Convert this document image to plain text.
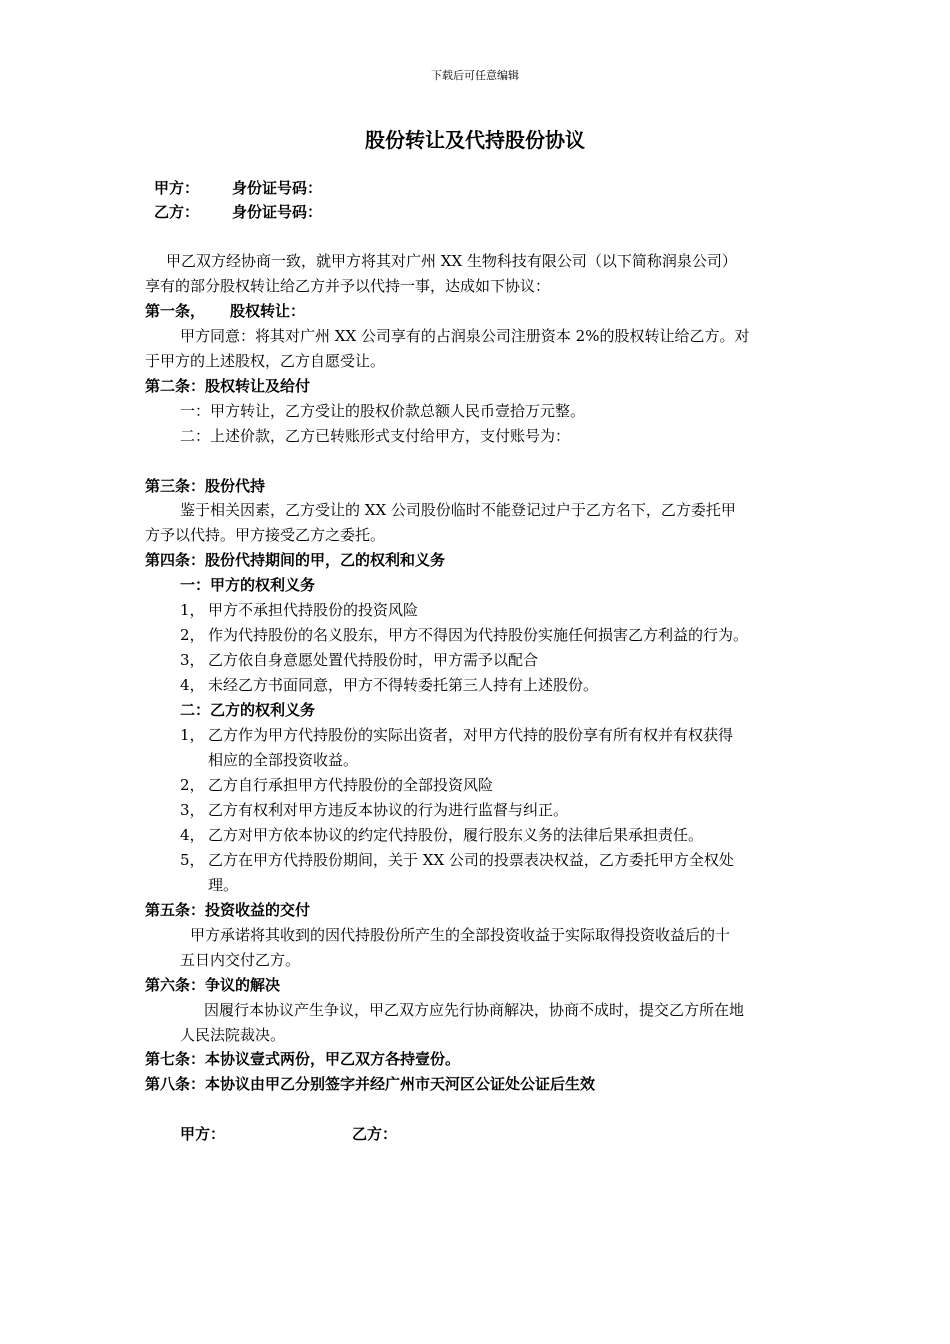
下载后可任意编辑
股份转让及代持股份协议
甲方： 身份证号码：
乙方： 身份证号码：
甲乙双方经协商一致，就甲方将其对广州 XX 生物科技有限公司（以下简称润泉公司）
享有的部分股权转让给乙方并予以代持一事，达成如下协议：
第一条， 股权转让：
甲方同意：将其对广州 XX 公司享有的占润泉公司注册资本 2%的股权转让给乙方。对
于甲方的上述股权，乙方自愿受让。
第二条：股权转让及给付
一：甲方转让，乙方受让的股权价款总额人民币壹拾万元整。
二：上述价款，乙方已转账形式支付给甲方，支付账号为：
第三条：股份代持
鉴于相关因素，乙方受让的 XX 公司股份临时不能登记过户于乙方名下，乙方委托甲
方予以代持。甲方接受乙方之委托。
第四条：股份代持期间的甲，乙的权利和义务
一：甲方的权利义务
1， 甲方不承担代持股份的投资风险
2， 作为代持股份的名义股东，甲方不得因为代持股份实施任何损害乙方利益的行为。
3， 乙方依自身意愿处置代持股份时，甲方需予以配合
4， 未经乙方书面同意，甲方不得转委托第三人持有上述股份。
二：乙方的权利义务
1， 乙方作为甲方代持股份的实际出资者，对甲方代持的股份享有所有权并有权获得
相应的全部投资收益。
2， 乙方自行承担甲方代持股份的全部投资风险
3， 乙方有权利对甲方违反本协议的行为进行监督与纠正。
4， 乙方对甲方依本协议的约定代持股份，履行股东义务的法律后果承担责任。
5， 乙方在甲方代持股份期间，关于 XX 公司的投票表决权益，乙方委托甲方全权处
理。
第五条：投资收益的交付
甲方承诺将其收到的因代持股份所产生的全部投资收益于实际取得投资收益后的十
五日内交付乙方。
第六条：争议的解决
因履行本协议产生争议，甲乙双方应先行协商解决，协商不成时，提交乙方所在地
人民法院裁决。
第七条：本协议壹式两份，甲乙双方各持壹份。
第八条：本协议由甲乙分别签字并经广州市天河区公证处公证后生效
甲方：	乙方：
